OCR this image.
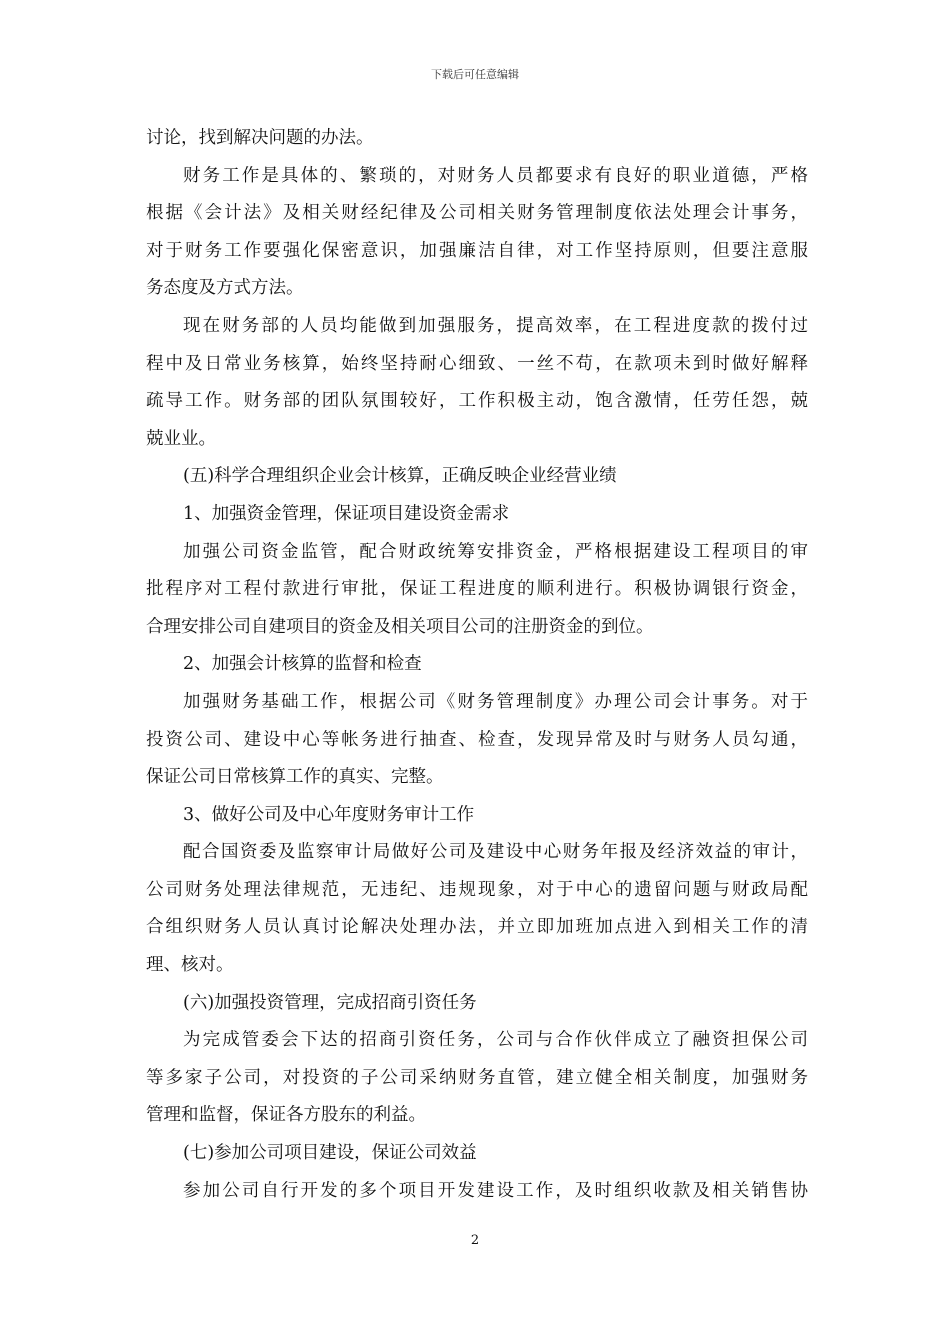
下载后可任意编辑
讨论，找到解决问题的办法。
财务工作是具体的、繁琐的，对财务人员都要求有良好的职业道德，严格
根据《会计法》及相关财经纪律及公司相关财务管理制度依法处理会计事务，
对于财务工作要强化保密意识，加强廉洁自律，对工作坚持原则，但要注意服
务态度及方式方法。
现在财务部的人员均能做到加强服务，提高效率，在工程进度款的拨付过
程中及日常业务核算，始终坚持耐心细致、一丝不苟，在款项未到时做好解释
疏导工作。财务部的团队氛围较好，工作积极主动，饱含激情，任劳任怨，兢
兢业业。
(五)科学合理组织企业会计核算，正确反映企业经营业绩
1、加强资金管理，保证项目建设资金需求
加强公司资金监管，配合财政统筹安排资金，严格根据建设工程项目的审
批程序对工程付款进行审批，保证工程进度的顺利进行。积极协调银行资金，
合理安排公司自建项目的资金及相关项目公司的注册资金的到位。
2、加强会计核算的监督和检查
加强财务基础工作，根据公司《财务管理制度》办理公司会计事务。对于
投资公司、建设中心等帐务进行抽查、检查，发现异常及时与财务人员勾通，
保证公司日常核算工作的真实、完整。
3、做好公司及中心年度财务审计工作
配合国资委及监察审计局做好公司及建设中心财务年报及经济效益的审计，
公司财务处理法律规范，无违纪、违规现象，对于中心的遗留问题与财政局配
合组织财务人员认真讨论解决处理办法，并立即加班加点进入到相关工作的清
理、核对。
(六)加强投资管理，完成招商引资任务
为完成管委会下达的招商引资任务，公司与合作伙伴成立了融资担保公司
等多家子公司，对投资的子公司采纳财务直管，建立健全相关制度，加强财务
管理和监督，保证各方股东的利益。
(七)参加公司项目建设，保证公司效益
参加公司自行开发的多个项目开发建设工作，及时组织收款及相关销售协
2
